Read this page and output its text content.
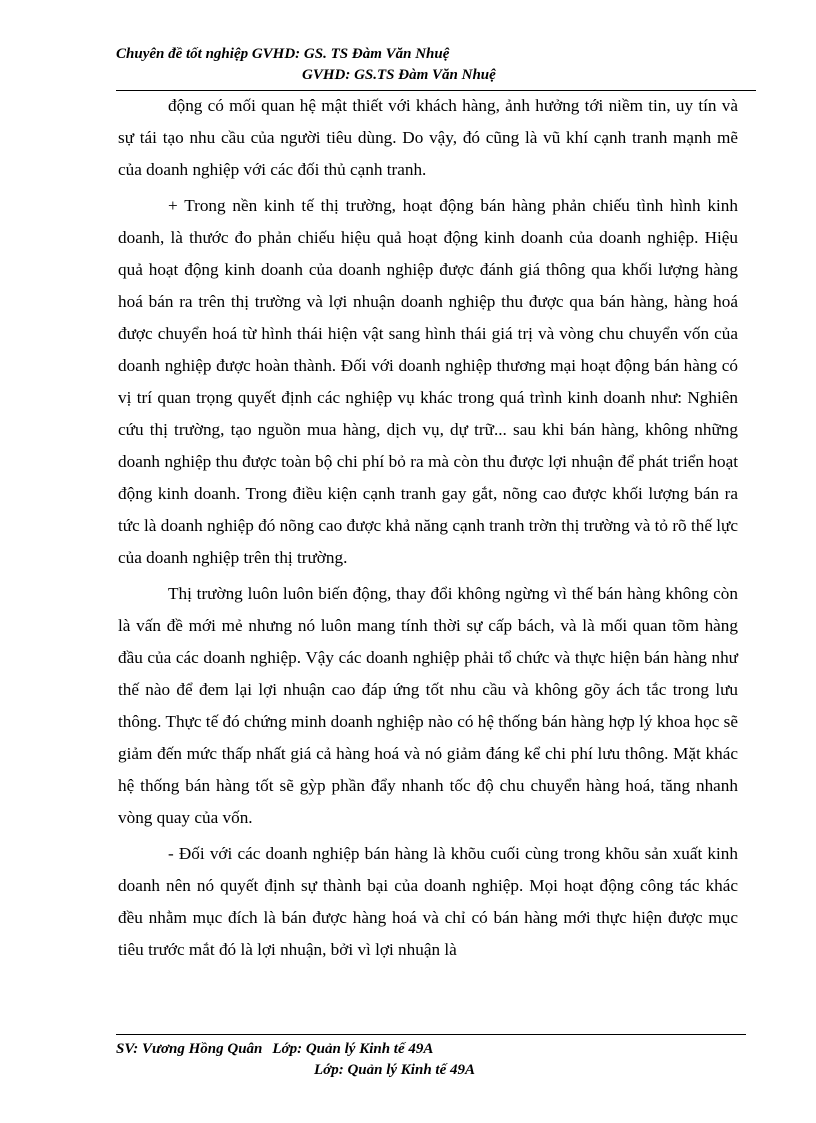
Chuyên đề tốt nghiệp GVHD: GS. TS Đàm Văn Nhuệ
GVHD: GS.TS Đàm Văn Nhuệ

động có mối quan hệ mật thiết với khách hàng, ảnh hưởng tới niềm tin, uy tín và sự tái tạo nhu cầu của người tiêu dùng. Do vậy, đó cũng là vũ khí cạnh tranh mạnh mẽ của doanh nghiệp với các đối thủ cạnh tranh.

+ Trong nền kinh tế thị trường, hoạt động bán hàng phản chiếu tình hình kinh doanh, là thước đo phản chiếu hiệu quả hoạt động kinh doanh của doanh nghiệp. Hiệu quả hoạt động kinh doanh của doanh nghiệp được đánh giá thông qua khối lượng hàng hoá bán ra trên thị trường và lợi nhuận doanh nghiệp thu được qua bán hàng, hàng hoá được chuyển hoá từ hình thái hiện vật sang hình thái giá trị và vòng chu chuyển vốn của doanh nghiệp được hoàn thành. Đối với doanh nghiệp thương mại hoạt động bán hàng có vị trí quan trọng quyết định các nghiệp vụ khác trong quá trình kinh doanh như: Nghiên cứu thị trường, tạo nguồn mua hàng, dịch vụ, dự trữ... sau khi bán hàng, không những doanh nghiệp thu được toàn bộ chi phí bỏ ra mà còn thu được lợi nhuận để phát triển hoạt động kinh doanh. Trong điều kiện cạnh tranh gay gắt, nõng cao được khối lượng bán ra tức là doanh nghiệp đó nõng cao được khả năng cạnh tranh trờn thị trường và tỏ rõ thế lực của doanh nghiệp trên thị trường.

Thị trường luôn luôn biến động, thay đổi không ngừng vì thế bán hàng không còn là vấn đề mới mẻ nhưng nó luôn mang tính thời sự cấp bách, và là mối quan tõm hàng đầu của các doanh nghiệp. Vậy các doanh nghiệp phải tổ chức và thực hiện bán hàng như thế nào để đem lại lợi nhuận cao đáp ứng tốt nhu cầu và không gõy ách tắc trong lưu thông. Thực tế đó chứng minh doanh nghiệp nào có hệ thống bán hàng hợp lý khoa học sẽ giảm đến mức thấp nhất giá cả hàng hoá và nó giảm đáng kể chi phí lưu thông. Mặt khác hệ thống bán hàng tốt sẽ gỳp phần đẩy nhanh tốc độ chu chuyển hàng hoá, tăng nhanh vòng quay của vốn.

- Đối với các doanh nghiệp bán hàng là khõu cuối cùng trong khõu sản xuất kinh doanh nên nó quyết định sự thành bại của doanh nghiệp. Mọi hoạt động công tác khác đều nhằm mục đích là bán được hàng hoá và chỉ có bán hàng mới thực hiện được mục tiêu trước mắt đó là lợi nhuận, bởi vì lợi nhuận là

SV: Vương Hồng Quân Lớp: Quản lý Kinh tế 49A
Lớp: Quản lý Kinh tế 49A
